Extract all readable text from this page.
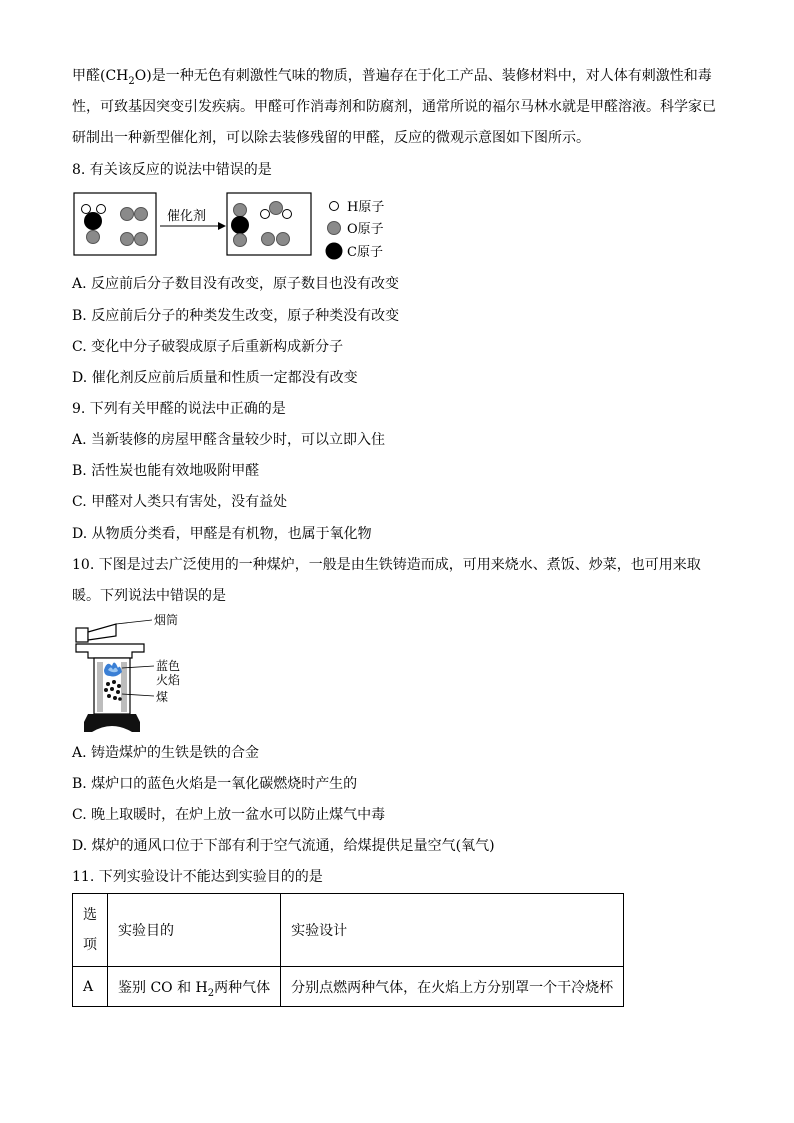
甲醛$(CH_2O)$是一种无色有刺激性气味的物质，普遍存在于化工产品、装修材料中，对人体有刺激性和毒
性，可致基因突变引发疾病。甲醛可作消毒剂和防腐剂，通常所说的福尔马林水就是甲醛溶液。科学家已
研制出一种新型催化剂，可以除去装修残留的甲醛，反应的微观示意图如下图所示。
8. 有关该反应的说法中错误的是
催化剂
H原子
O原子
C原子
A. 反应前后分子数目没有改变，原子数目也没有改变
B. 反应前后分子的种类发生改变，原子种类没有改变
C. 变化中分子破裂成原子后重新构成新分子
D. 催化剂反应前后质量和性质一定都没有改变
9. 下列有关甲醛的说法中正确的是
A. 当新装修的房屋甲醛含量较少时，可以立即入住
B. 活性炭也能有效地吸附甲醛
C. 甲醛对人类只有害处，没有益处
D. 从物质分类看，甲醛是有机物，也属于氧化物
10. 下图是过去广泛使用的一种煤炉，一般是由生铁铸造而成，可用来烧水、煮饭、炒菜，也可用来取
暖。下列说法中错误的是
烟筒
蓝色
火焰
煤
A. 铸造煤炉的生铁是铁的合金
B. 煤炉口的蓝色火焰是一氧化碳燃烧时产生的
C. 晚上取暖时，在炉上放一盆水可以防止煤气中毒
D. 煤炉的通风口位于下部有利于空气流通，给煤提供足量空气(氧气)
11. 下列实验设计不能达到实验目的的是
选
项	实验目的	实验设计
A	鉴别 CO 和 $H_2$两种气体	分别点燃两种气体，在火焰上方分别罩一个干冷烧杯
